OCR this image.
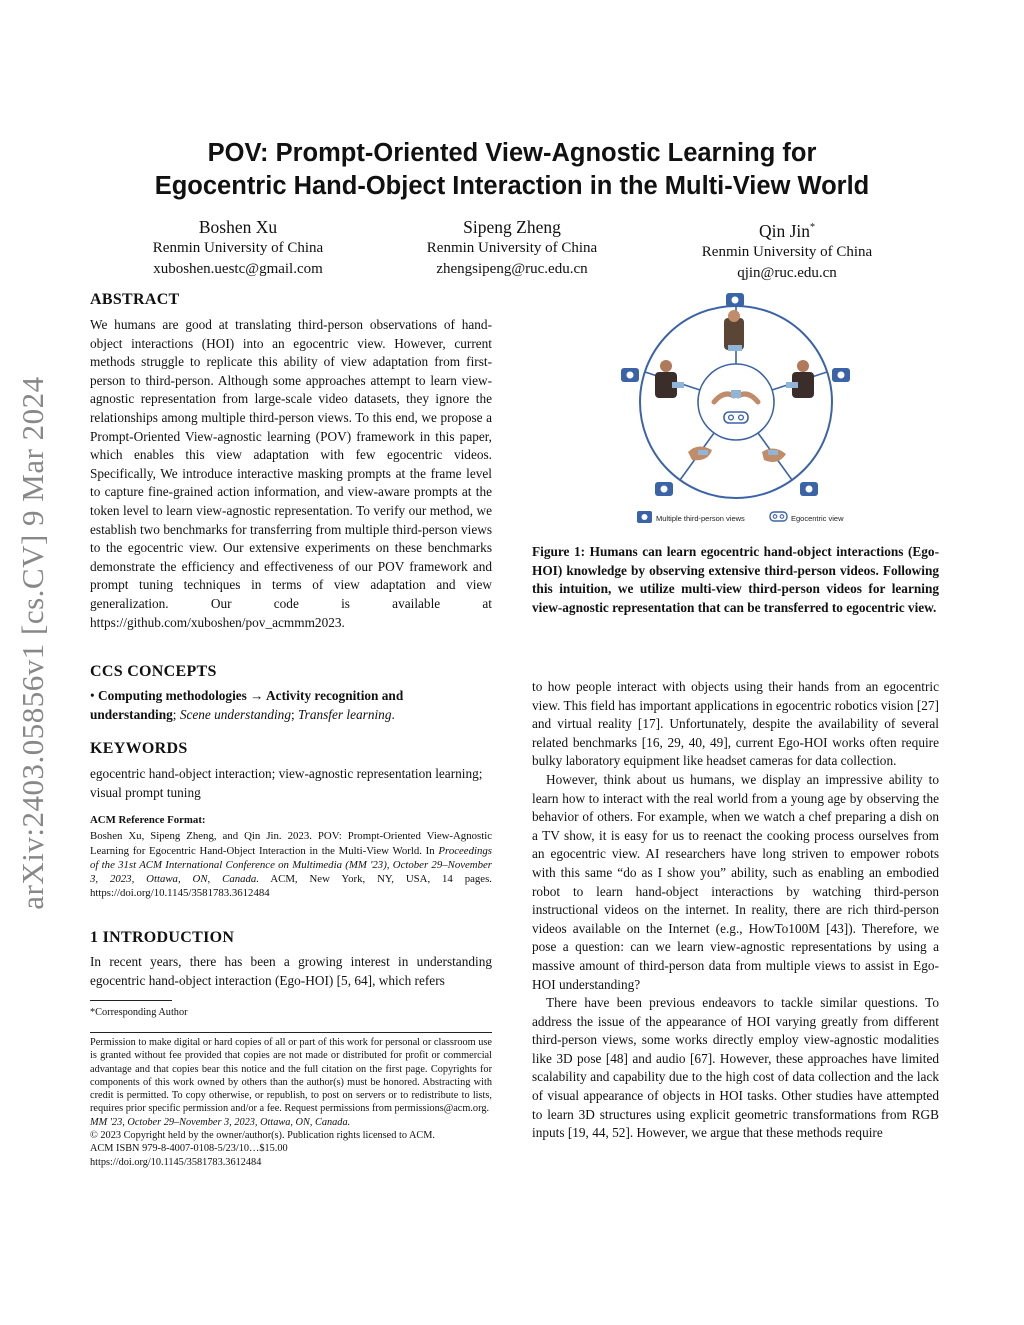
arXiv:2403.05856v1 [cs.CV] 9 Mar 2024
POV: Prompt-Oriented View-Agnostic Learning for
Egocentric Hand-Object Interaction in the Multi-View World
Boshen Xu
Renmin University of China
xuboshen.uestc@gmail.com
Sipeng Zheng
Renmin University of China
zhengsipeng@ruc.edu.cn
Qin Jin*
Renmin University of China
qjin@ruc.edu.cn
ABSTRACT

We humans are good at translating third-person observations of hand-object interactions (HOI) into an egocentric view. However, current methods struggle to replicate this ability of view adaptation from first-person to third-person. Although some approaches attempt to learn view-agnostic representation from large-scale video datasets, they ignore the relationships among multiple third-person views. To this end, we propose a Prompt-Oriented View-agnostic learning (POV) framework in this paper, which enables this view adaptation with few egocentric videos. Specifically, We introduce interactive masking prompts at the frame level to capture fine-grained action information, and view-aware prompts at the token level to learn view-agnostic representation. To verify our method, we establish two benchmarks for transferring from multiple third-person views to the egocentric view. Our extensive experiments on these benchmarks demonstrate the efficiency and effectiveness of our POV framework and prompt tuning techniques in terms of view adaptation and view generalization. Our code is available at https://github.com/xuboshen/pov_acmmm2023.

CCS CONCEPTS
• Computing methodologies → Activity recognition and understanding; Scene understanding; Transfer learning.
KEYWORDS
egocentric hand-object interaction; view-agnostic representation learning; visual prompt tuning
ACM Reference Format:
Boshen Xu, Sipeng Zheng, and Qin Jin. 2023. POV: Prompt-Oriented View-Agnostic Learning for Egocentric Hand-Object Interaction in the Multi-View World. In Proceedings of the 31st ACM International Conference on Multimedia (MM '23), October 29–November 3, 2023, Ottawa, ON, Canada. ACM, New York, NY, USA, 14 pages. https://doi.org/10.1145/3581783.3612484
1 INTRODUCTION

In recent years, there has been a growing interest in understanding egocentric hand-object interaction (Ego-HOI) [5, 64], which refers

*Corresponding Author
Permission to make digital or hard copies of all or part of this work for personal or classroom use is granted without fee provided that copies are not made or distributed for profit or commercial advantage and that copies bear this notice and the full citation on the first page. Copyrights for components of this work owned by others than the author(s) must be honored. Abstracting with credit is permitted. To copy otherwise, or republish, to post on servers or to redistribute to lists, requires prior specific permission and/or a fee. Request permissions from permissions@acm.org.
MM '23, October 29–November 3, 2023, Ottawa, ON, Canada.
© 2023 Copyright held by the owner/author(s). Publication rights licensed to ACM.
ACM ISBN 979-8-4007-0108-5/23/10…$15.00
https://doi.org/10.1145/3581783.3612484
Multiple third-person views	Egocentric view
Figure 1: Humans can learn egocentric hand-object interactions (Ego-HOI) knowledge by observing extensive third-person videos. Following this intuition, we utilize multi-view third-person videos for learning view-agnostic representation that can be transferred to egocentric view.

to how people interact with objects using their hands from an egocentric view. This field has important applications in egocentric robotics vision [27] and virtual reality [17]. Unfortunately, despite the availability of several related benchmarks [16, 29, 40, 49], current Ego-HOI works often require bulky laboratory equipment like headset cameras for data collection.

However, think about us humans, we display an impressive ability to learn how to interact with the real world from a young age by observing the behavior of others. For example, when we watch a chef preparing a dish on a TV show, it is easy for us to reenact the cooking process ourselves from an egocentric view. AI researchers have long striven to empower robots with this same “do as I show you” ability, such as enabling an embodied robot to learn hand-object interactions by watching third-person instructional videos on the internet. In reality, there are rich third-person videos available on the Internet (e.g., HowTo100M [43]). Therefore, we pose a question: can we learn view-agnostic representations by using a massive amount of third-person data from multiple views to assist in Ego-HOI understanding?

There have been previous endeavors to tackle similar questions. To address the issue of the appearance of HOI varying greatly from different third-person views, some works directly employ view-agnostic modalities like 3D pose [48] and audio [67]. However, these approaches have limited scalability and capability due to the high cost of data collection and the lack of visual appearance of objects in HOI tasks. Other studies have attempted to learn 3D structures using explicit geometric transformations from RGB inputs [19, 44, 52]. However, we argue that these methods require
